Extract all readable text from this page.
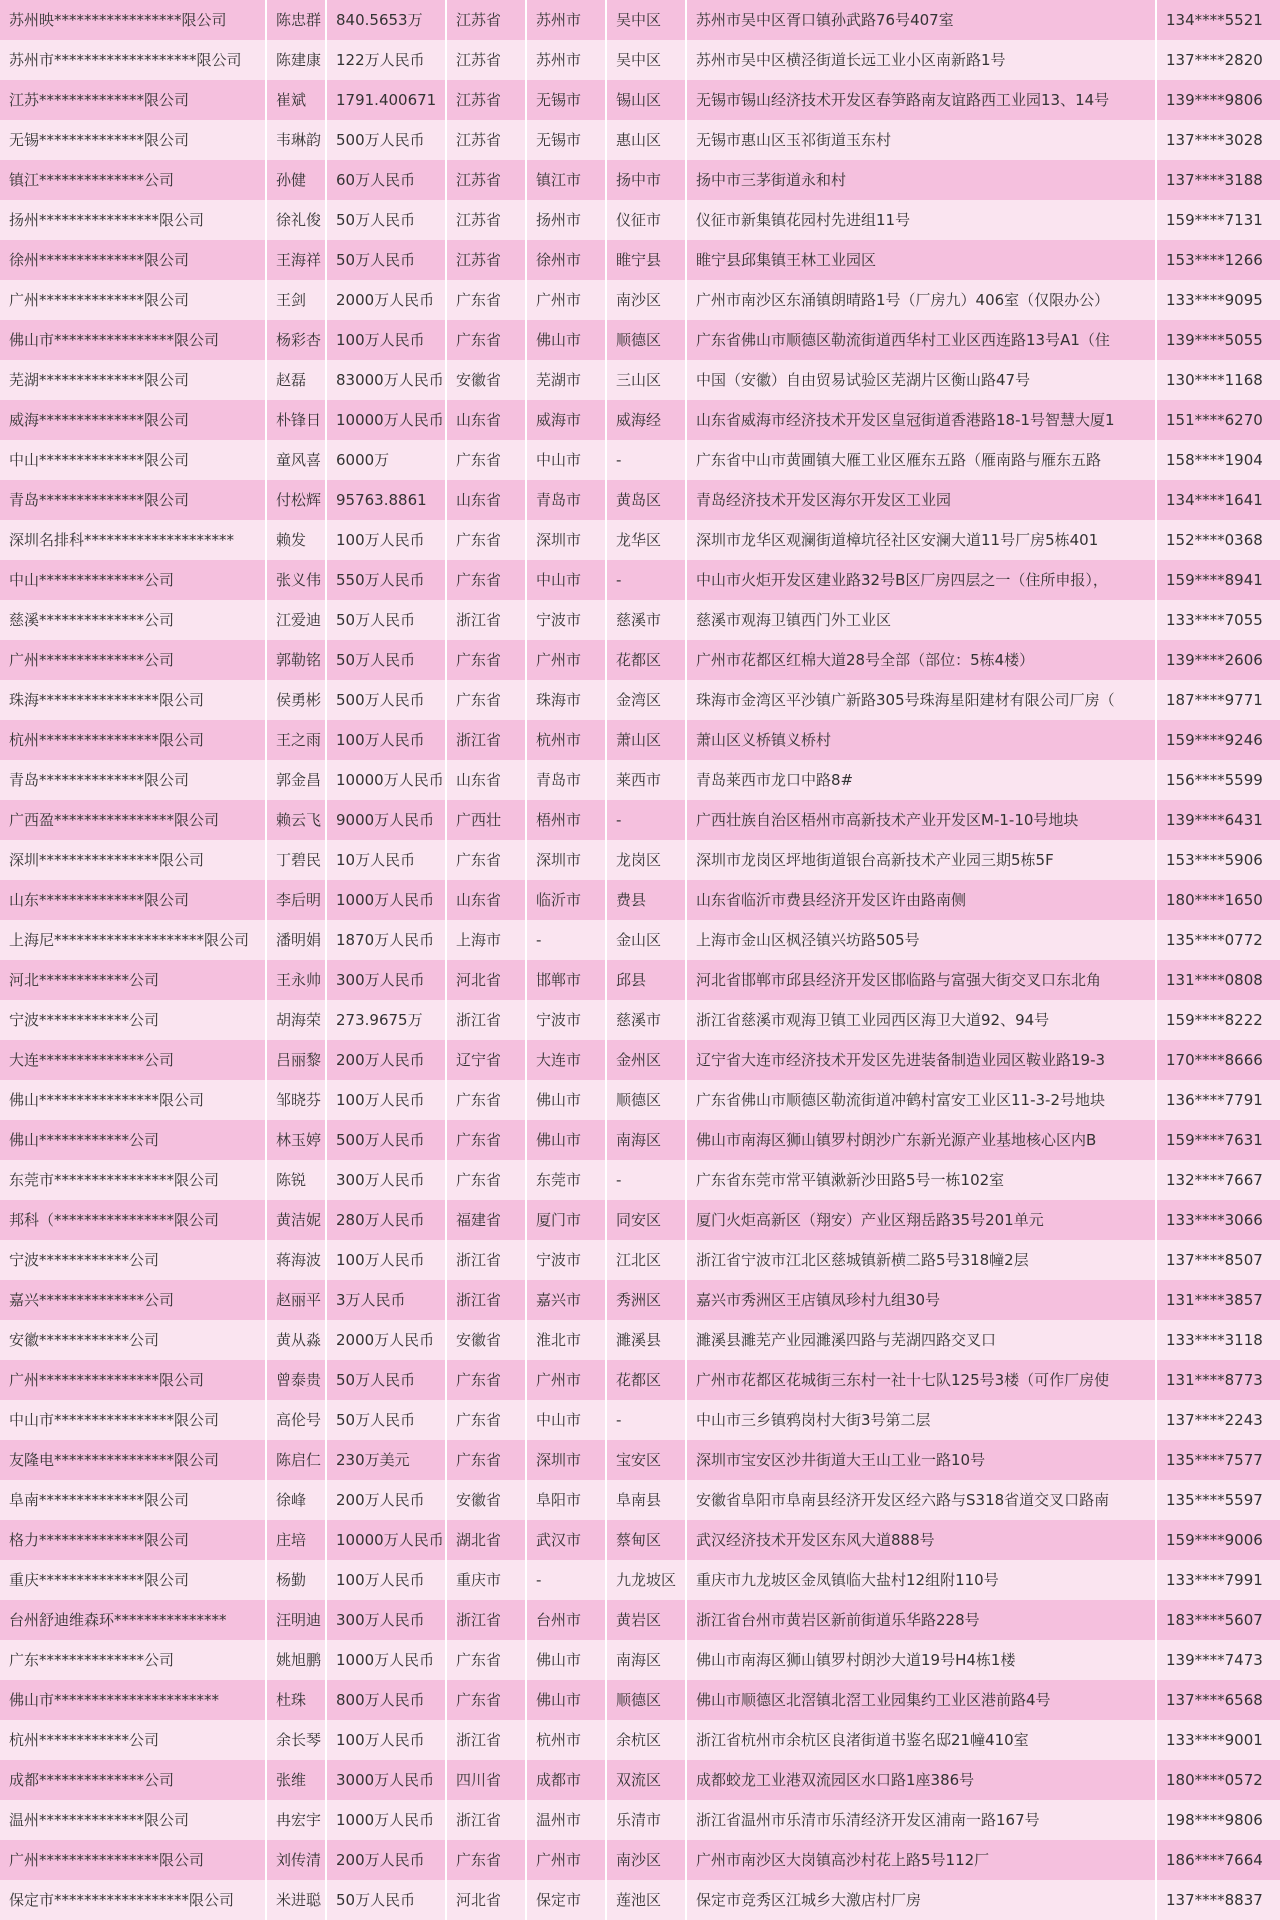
苏州映*****************限公司	陈忠群	840.5653万	江苏省	苏州市	吴中区	苏州市吴中区胥口镇孙武路76号407室	134****5521
苏州市*******************限公司	陈建康	122万人民币	江苏省	苏州市	吴中区	苏州市吴中区横泾街道长远工业小区南新路1号	137****2820
江苏**************限公司	崔斌	1791.400671	江苏省	无锡市	锡山区	无锡市锡山经济技术开发区春笋路南友谊路西工业园13、14号	139****9806
无锡**************限公司	韦琳韵	500万人民币	江苏省	无锡市	惠山区	无锡市惠山区玉祁街道玉东村	137****3028
镇江**************公司	孙健	60万人民币	江苏省	镇江市	扬中市	扬中市三茅街道永和村	137****3188
扬州****************限公司	徐礼俊	50万人民币	江苏省	扬州市	仪征市	仪征市新集镇花园村先进组11号	159****7131
徐州**************限公司	王海祥	50万人民币	江苏省	徐州市	睢宁县	睢宁县邱集镇王林工业园区	153****1266
广州**************限公司	王剑	2000万人民币	广东省	广州市	南沙区	广州市南沙区东涌镇朗晴路1号（厂房九）406室（仅限办公）	133****9095
佛山市****************限公司	杨彩杏	100万人民币	广东省	佛山市	顺德区	广东省佛山市顺德区勒流街道西华村工业区西连路13号A1（住	139****5055
芜湖**************限公司	赵磊	83000万人民币	安徽省	芜湖市	三山区	中国（安徽）自由贸易试验区芜湖片区衡山路47号	130****1168
威海**************限公司	朴锋日	10000万人民币	山东省	威海市	威海经	山东省威海市经济技术开发区皇冠街道香港路18-1号智慧大厦1	151****6270
中山**************限公司	童风喜	6000万	广东省	中山市	-	广东省中山市黄圃镇大雁工业区雁东五路（雁南路与雁东五路	158****1904
青岛**************限公司	付松辉	95763.8861	山东省	青岛市	黄岛区	青岛经济技术开发区海尔开发区工业园	134****1641
深圳名排科********************	赖发	100万人民币	广东省	深圳市	龙华区	深圳市龙华区观澜街道樟坑径社区安澜大道11号厂房5栋401	152****0368
中山**************公司	张义伟	550万人民币	广东省	中山市	-	中山市火炬开发区建业路32号B区厂房四层之一（住所申报），	159****8941
慈溪**************公司	江爱迪	50万人民币	浙江省	宁波市	慈溪市	慈溪市观海卫镇西门外工业区	133****7055
广州**************公司	郭勒铭	50万人民币	广东省	广州市	花都区	广州市花都区红棉大道28号全部（部位：5栋4楼）	139****2606
珠海****************限公司	侯勇彬	500万人民币	广东省	珠海市	金湾区	珠海市金湾区平沙镇广新路305号珠海星阳建材有限公司厂房（	187****9771
杭州****************限公司	王之雨	100万人民币	浙江省	杭州市	萧山区	萧山区义桥镇义桥村	159****9246
青岛**************限公司	郭金昌	10000万人民币	山东省	青岛市	莱西市	青岛莱西市龙口中路8#	156****5599
广西盈****************限公司	赖云飞	9000万人民币	广西壮	梧州市	-	广西壮族自治区梧州市高新技术产业开发区M-1-10号地块	139****6431
深圳****************限公司	丁碧民	10万人民币	广东省	深圳市	龙岗区	深圳市龙岗区坪地街道银台高新技术产业园三期5栋5F	153****5906
山东**************限公司	李后明	1000万人民币	山东省	临沂市	费县	山东省临沂市费县经济开发区许由路南侧	180****1650
上海尼********************限公司	潘明娟	1870万人民币	上海市	-	金山区	上海市金山区枫泾镇兴坊路505号	135****0772
河北************公司	王永帅	300万人民币	河北省	邯郸市	邱县	河北省邯郸市邱县经济开发区邯临路与富强大街交叉口东北角	131****0808
宁波************公司	胡海荣	273.9675万	浙江省	宁波市	慈溪市	浙江省慈溪市观海卫镇工业园西区海卫大道92、94号	159****8222
大连**************公司	吕丽黎	200万人民币	辽宁省	大连市	金州区	辽宁省大连市经济技术开发区先进装备制造业园区鞍业路19-3	170****8666
佛山****************限公司	邹晓芬	100万人民币	广东省	佛山市	顺德区	广东省佛山市顺德区勒流街道冲鹤村富安工业区11-3-2号地块	136****7791
佛山************公司	林玉婷	500万人民币	广东省	佛山市	南海区	佛山市南海区狮山镇罗村朗沙广东新光源产业基地核心区内B	159****7631
东莞市****************限公司	陈锐	300万人民币	广东省	东莞市	-	广东省东莞市常平镇漱新沙田路5号一栋102室	132****7667
邦科（****************限公司	黄洁妮	280万人民币	福建省	厦门市	同安区	厦门火炬高新区（翔安）产业区翔岳路35号201单元	133****3066
宁波************公司	蒋海波	100万人民币	浙江省	宁波市	江北区	浙江省宁波市江北区慈城镇新横二路5号318幢2层	137****8507
嘉兴**************公司	赵丽平	3万人民币	浙江省	嘉兴市	秀洲区	嘉兴市秀洲区王店镇凤珍村九组30号	131****3857
安徽************公司	黄从淼	2000万人民币	安徽省	淮北市	濉溪县	濉溪县濉芜产业园濉溪四路与芜湖四路交叉口	133****3118
广州****************限公司	曾泰贵	50万人民币	广东省	广州市	花都区	广州市花都区花城街三东村一社十七队125号3楼（可作厂房使	131****8773
中山市****************限公司	高伦号	50万人民币	广东省	中山市	-	中山市三乡镇鸦岗村大街3号第二层	137****2243
友隆电****************限公司	陈启仁	230万美元	广东省	深圳市	宝安区	深圳市宝安区沙井街道大王山工业一路10号	135****7577
阜南**************限公司	徐峰	200万人民币	安徽省	阜阳市	阜南县	安徽省阜阳市阜南县经济开发区经六路与S318省道交叉口路南	135****5597
格力**************限公司	庄培	10000万人民币	湖北省	武汉市	蔡甸区	武汉经济技术开发区东风大道888号	159****9006
重庆**************限公司	杨勤	100万人民币	重庆市	-	九龙坡区	重庆市九龙坡区金凤镇临大盐村12组附110号	133****7991
台州舒迪维森环***************	汪明迪	300万人民币	浙江省	台州市	黄岩区	浙江省台州市黄岩区新前街道乐华路228号	183****5607
广东**************公司	姚旭鹏	1000万人民币	广东省	佛山市	南海区	佛山市南海区狮山镇罗村朗沙大道19号H4栋1楼	139****7473
佛山市**********************	杜珠	800万人民币	广东省	佛山市	顺德区	佛山市顺德区北滘镇北滘工业园集约工业区港前路4号	137****6568
杭州************公司	余长琴	100万人民币	浙江省	杭州市	余杭区	浙江省杭州市余杭区良渚街道书鉴名邸21幢410室	133****9001
成都**************公司	张维	3000万人民币	四川省	成都市	双流区	成都蛟龙工业港双流园区水口路1座386号	180****0572
温州**************限公司	冉宏宇	1000万人民币	浙江省	温州市	乐清市	浙江省温州市乐清市乐清经济开发区浦南一路167号	198****9806
广州****************限公司	刘传清	200万人民币	广东省	广州市	南沙区	广州市南沙区大岗镇高沙村花上路5号112厂	186****7664
保定市******************限公司	米进聪	50万人民币	河北省	保定市	莲池区	保定市竞秀区江城乡大激店村厂房	137****8837
